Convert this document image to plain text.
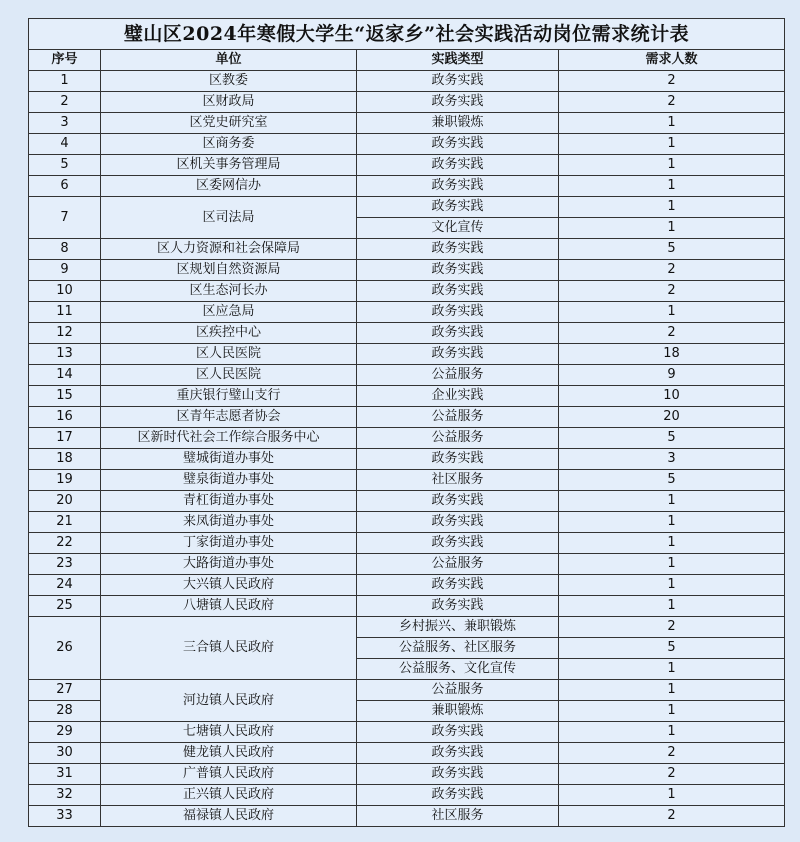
璧山区2024年寒假大学生“返家乡”社会实践活动岗位需求统计表
序号	单位	实践类型	需求人数
1	区教委	政务实践	2
2	区财政局	政务实践	2
3	区党史研究室	兼职锻炼	1
4	区商务委	政务实践	1
5	区机关事务管理局	政务实践	1
6	区委网信办	政务实践	1
7	区司法局	政务实践	1
		文化宣传	1
8	区人力资源和社会保障局	政务实践	5
9	区规划自然资源局	政务实践	2
10	区生态河长办	政务实践	2
11	区应急局	政务实践	1
12	区疾控中心	政务实践	2
13	区人民医院	政务实践	18
14	区人民医院	公益服务	9
15	重庆银行璧山支行	企业实践	10
16	区青年志愿者协会	公益服务	20
17	区新时代社会工作综合服务中心	公益服务	5
18	璧城街道办事处	政务实践	3
19	璧泉街道办事处	社区服务	5
20	青杠街道办事处	政务实践	1
21	来凤街道办事处	政务实践	1
22	丁家街道办事处	政务实践	1
23	大路街道办事处	公益服务	1
24	大兴镇人民政府	政务实践	1
25	八塘镇人民政府	政务实践	1
26	三合镇人民政府	乡村振兴、兼职锻炼	2
		公益服务、社区服务	5
		公益服务、文化宣传	1
27	河边镇人民政府	公益服务	1
28		兼职锻炼	1
29	七塘镇人民政府	政务实践	1
30	健龙镇人民政府	政务实践	2
31	广普镇人民政府	政务实践	2
32	正兴镇人民政府	政务实践	1
33	福禄镇人民政府	社区服务	2
